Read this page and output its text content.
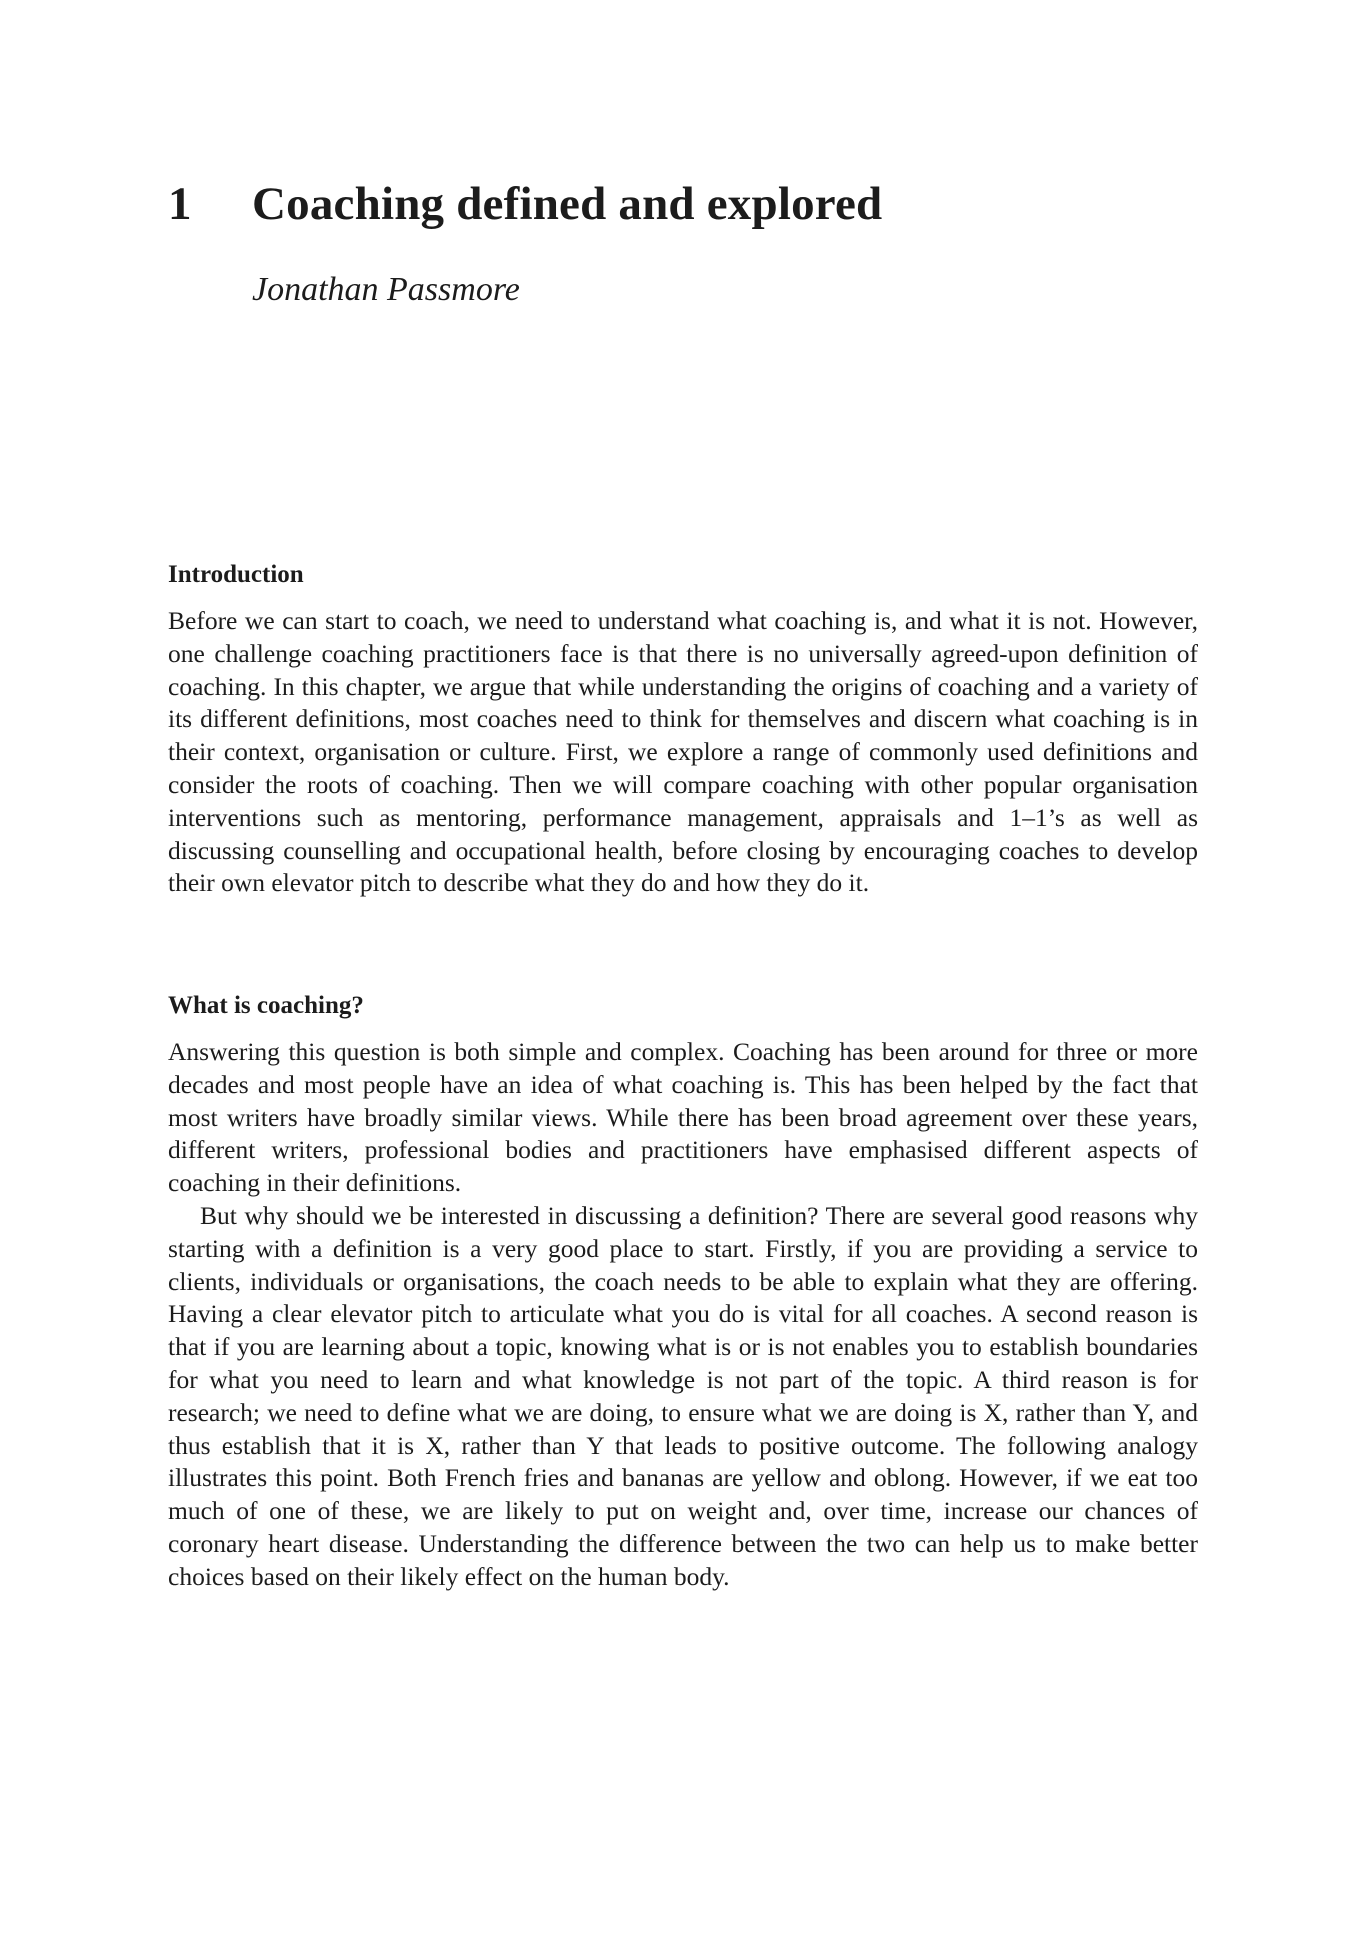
1 Coaching defined and explored
Jonathan Passmore
Introduction

Before we can start to coach, we need to understand what coaching is, and what it is not. However, one challenge coaching practitioners face is that there is no universally agreed-upon definition of coaching. In this chapter, we argue that while understanding the origins of coaching and a variety of its different definitions, most coaches need to think for themselves and discern what coaching is in their context, organisation or culture. First, we explore a range of commonly used definitions and consider the roots of coaching. Then we will compare coaching with other popular organisation interventions such as mentoring, performance management, appraisals and 1–1’s as well as discussing counselling and occupational health, before closing by encouraging coaches to develop their own elevator pitch to describe what they do and how they do it.

What is coaching?

Answering this question is both simple and complex. Coaching has been around for three or more decades and most people have an idea of what coaching is. This has been helped by the fact that most writers have broadly similar views. While there has been broad agreement over these years, different writers, professional bodies and practitioners have emphasised different aspects of coaching in their definitions.

But why should we be interested in discussing a definition? There are several good reasons why starting with a definition is a very good place to start. Firstly, if you are providing a service to clients, individuals or organisations, the coach needs to be able to explain what they are offering. Having a clear elevator pitch to articulate what you do is vital for all coaches. A second reason is that if you are learning about a topic, knowing what is or is not enables you to establish boundaries for what you need to learn and what knowledge is not part of the topic. A third reason is for research; we need to define what we are doing, to ensure what we are doing is X, rather than Y, and thus establish that it is X, rather than Y that leads to positive outcome. The following analogy illustrates this point. Both French fries and bananas are yellow and oblong. However, if we eat too much of one of these, we are likely to put on weight and, over time, increase our chances of coronary heart disease. Understanding the difference between the two can help us to make better choices based on their likely effect on the human body.
